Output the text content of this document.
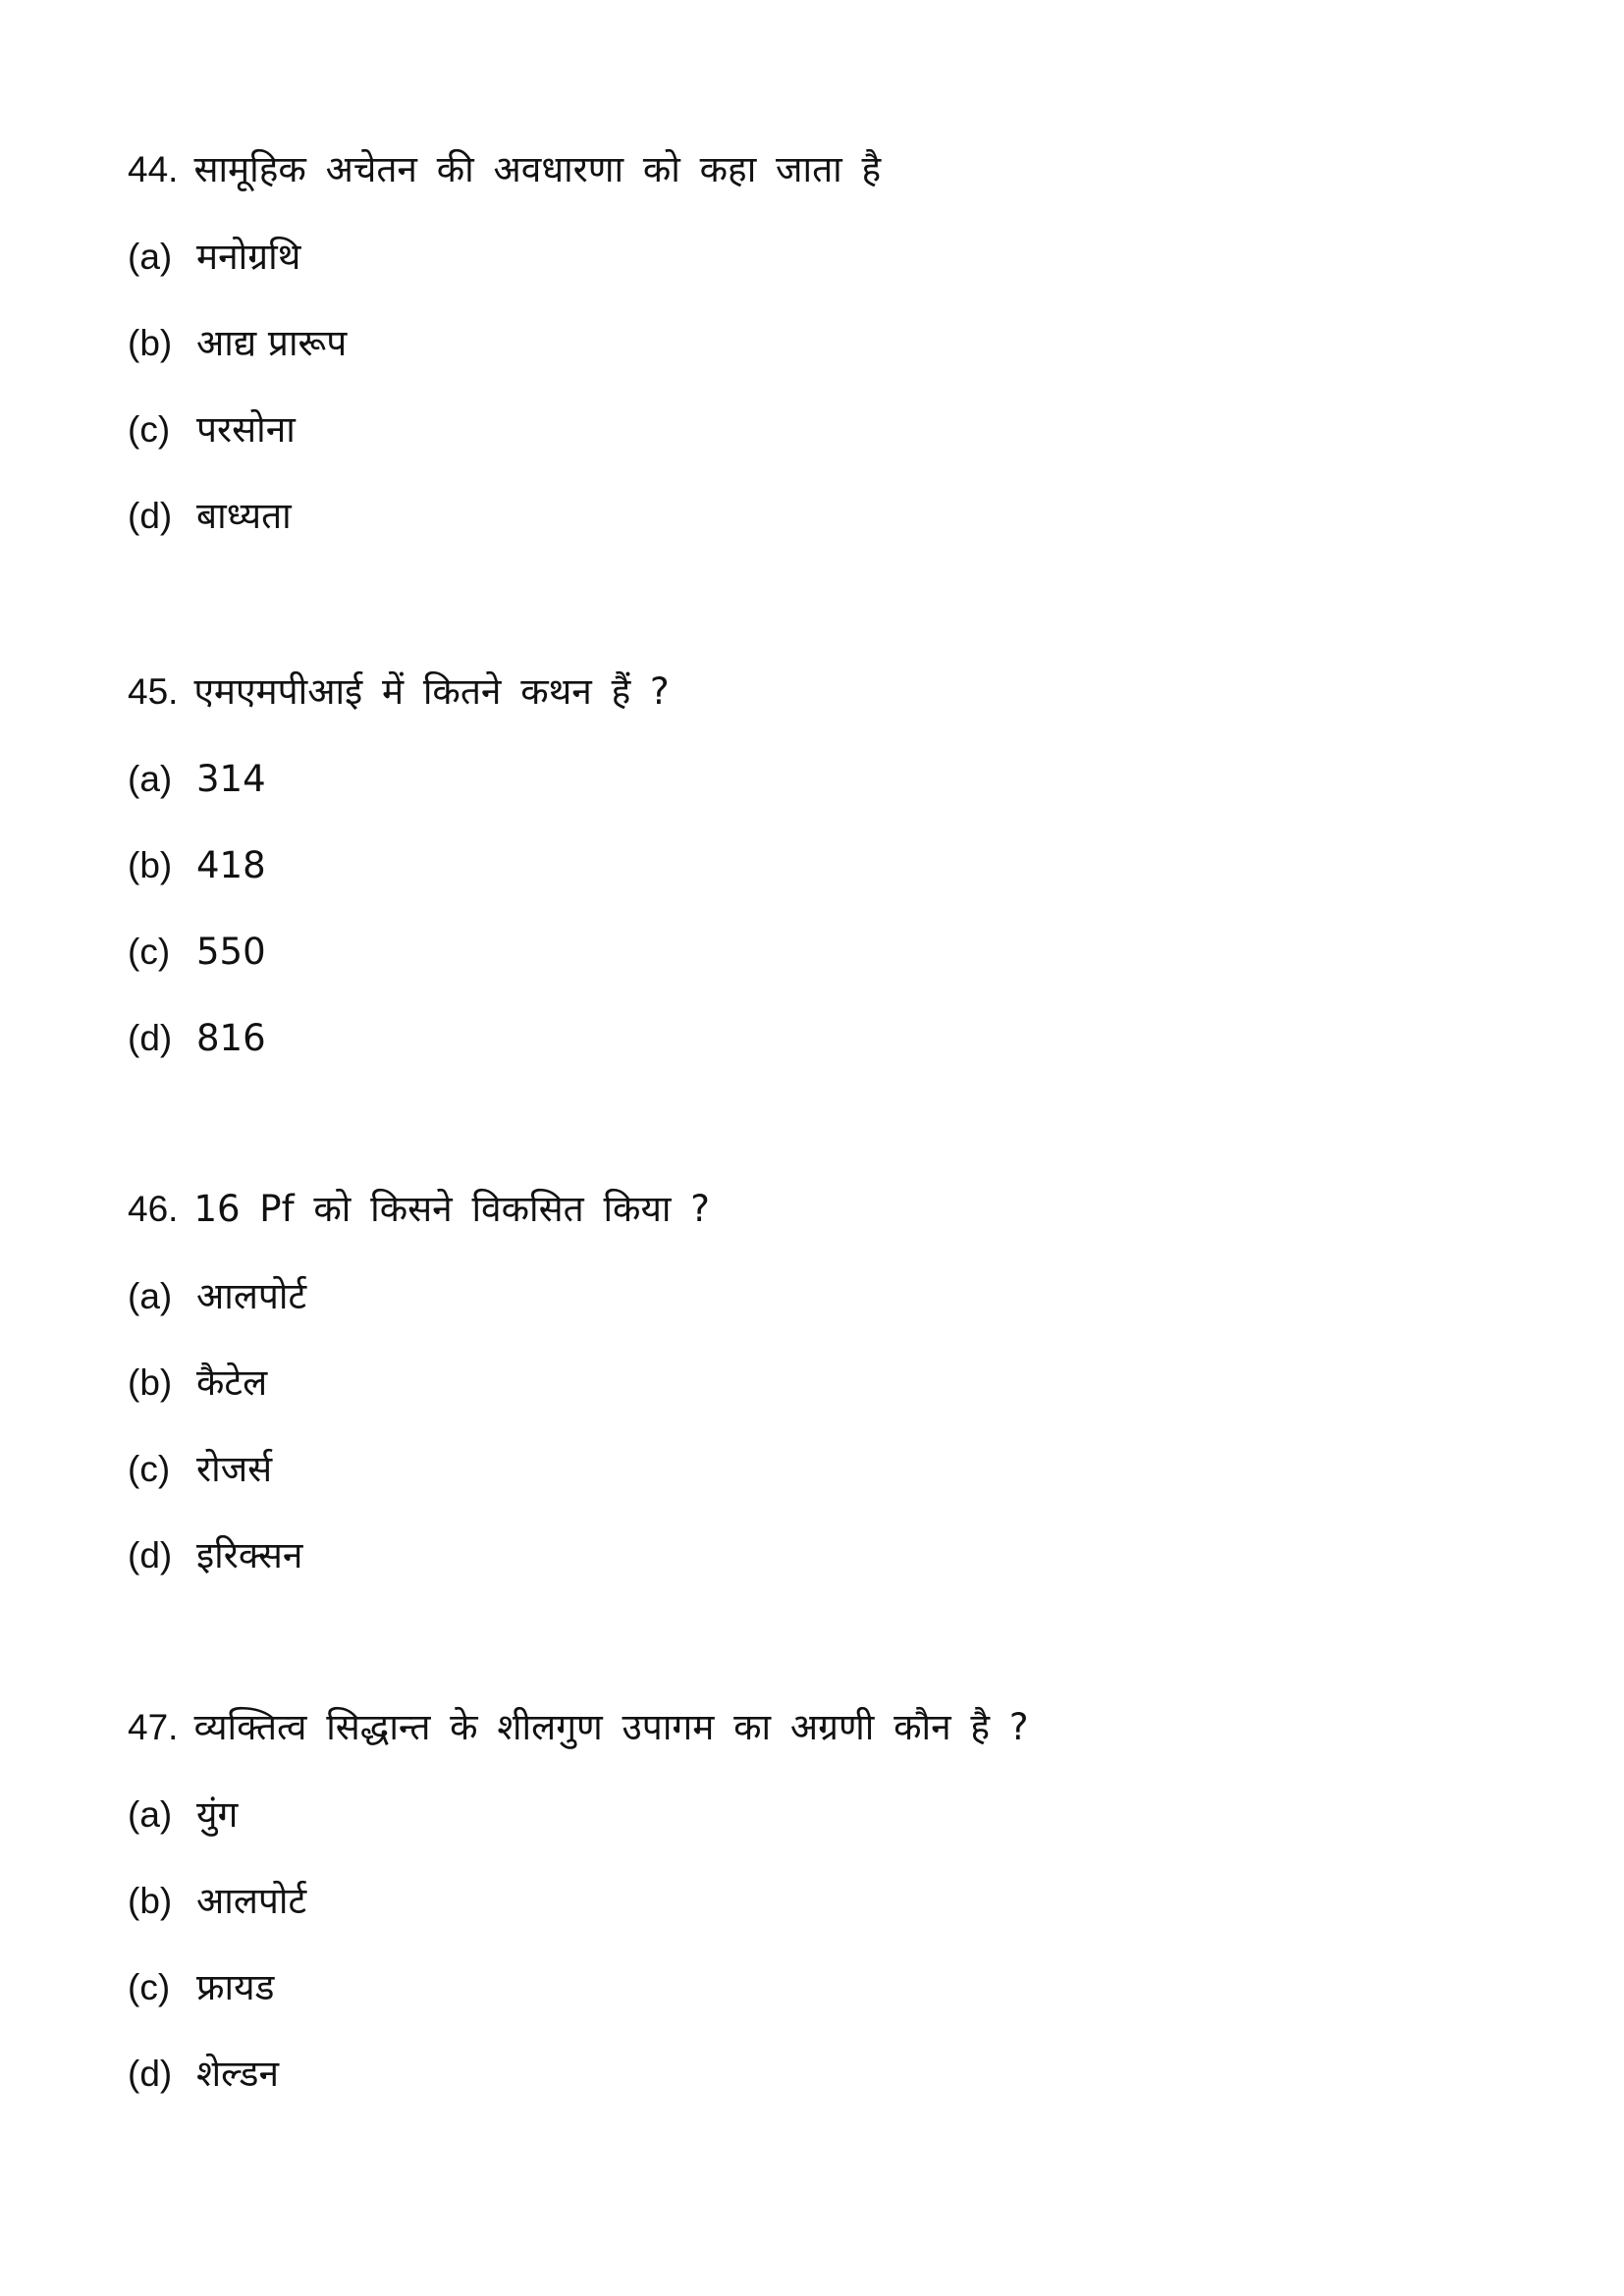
44. सामूहिक अचेतन की अवधारणा को कहा जाता है
(a) मनोग्रथि
(b) आद्य प्रारूप
(c) परसोना
(d) बाध्यता
45. एमएमपीआई में कितने कथन हैं ?
(a) 314
(b) 418
(c) 550
(d) 816
46. 16 Pf को किसने विकसित किया ?
(a) आलपोर्ट
(b) कैटेल
(c) रोजर्स
(d) इरिक्सन
47. व्यक्तित्व सिद्धान्त के शीलगुण उपागम का अग्रणी कौन है ?
(a) युंग
(b) आलपोर्ट
(c) फ्रायड
(d) शेल्डन
